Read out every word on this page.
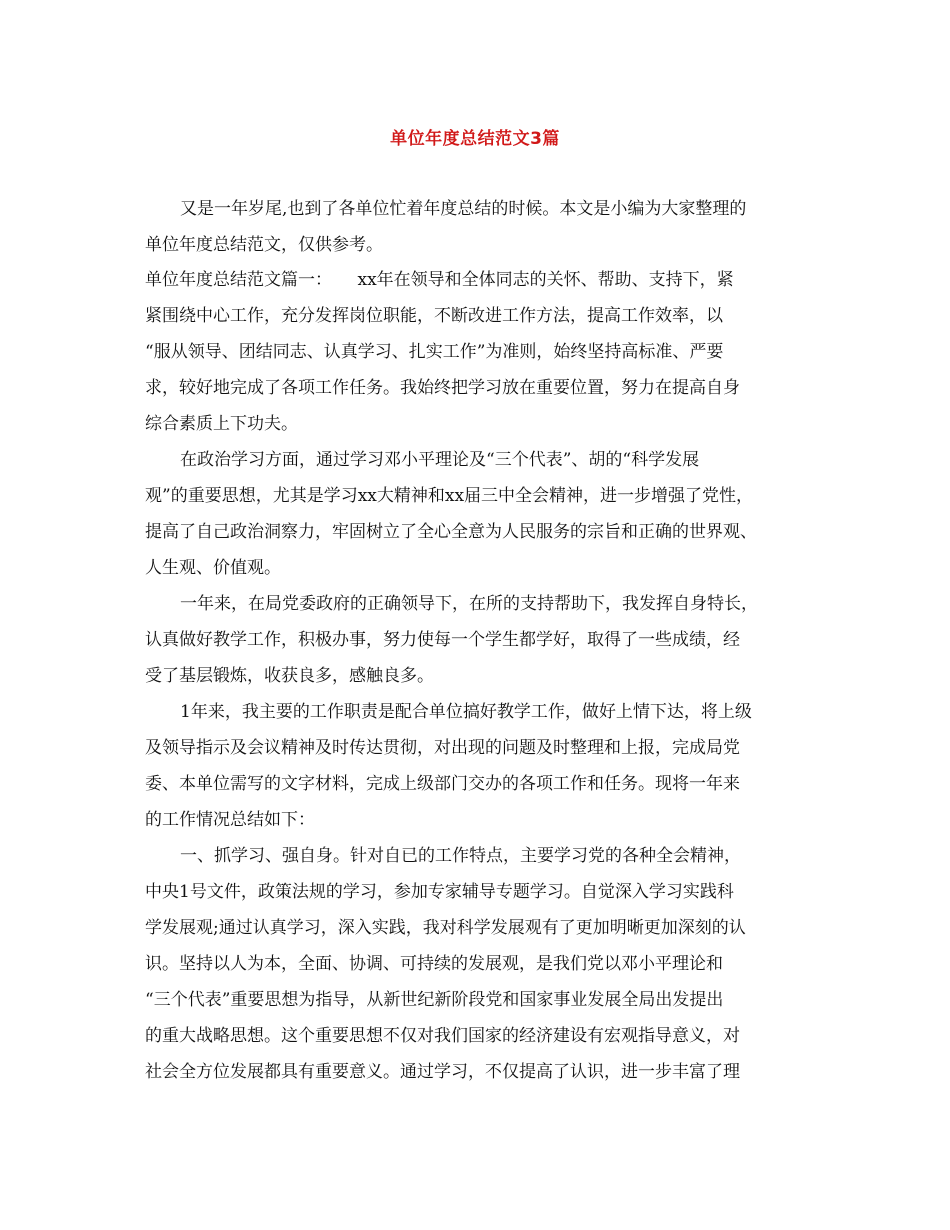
单位年度总结范文3篇
又是一年岁尾,也到了各单位忙着年度总结的时候。本文是小编为大家整理的
单位年度总结范文，仅供参考。
单位年度总结范文篇一：　　xx年在领导和全体同志的关怀、帮助、支持下，紧
紧围绕中心工作，充分发挥岗位职能，不断改进工作方法，提高工作效率，以
“服从领导、团结同志、认真学习、扎实工作”为准则，始终坚持高标准、严要
求，较好地完成了各项工作任务。我始终把学习放在重要位置，努力在提高自身
综合素质上下功夫。
在政治学习方面，通过学习邓小平理论及“三个代表”、胡的“科学发展
观”的重要思想，尤其是学习xx大精神和xx届三中全会精神，进一步增强了党性，
提高了自己政治洞察力，牢固树立了全心全意为人民服务的宗旨和正确的世界观、
人生观、价值观。
一年来，在局党委政府的正确领导下，在所的支持帮助下，我发挥自身特长，
认真做好教学工作，积极办事，努力使每一个学生都学好，取得了一些成绩，经
受了基层锻炼，收获良多，感触良多。
1年来，我主要的工作职责是配合单位搞好教学工作，做好上情下达，将上级
及领导指示及会议精神及时传达贯彻，对出现的问题及时整理和上报，完成局党
委、本单位需写的文字材料，完成上级部门交办的各项工作和任务。现将一年来
的工作情况总结如下：
一、抓学习、强自身。针对自已的工作特点，主要学习党的各种全会精神，
中央1号文件，政策法规的学习，参加专家辅导专题学习。自觉深入学习实践科
学发展观;通过认真学习，深入实践，我对科学发展观有了更加明晰更加深刻的认
识。坚持以人为本，全面、协调、可持续的发展观，是我们党以邓小平理论和
“三个代表”重要思想为指导，从新世纪新阶段党和国家事业发展全局出发提出
的重大战略思想。这个重要思想不仅对我们国家的经济建设有宏观指导意义，对
社会全方位发展都具有重要意义。通过学习，不仅提高了认识，进一步丰富了理
